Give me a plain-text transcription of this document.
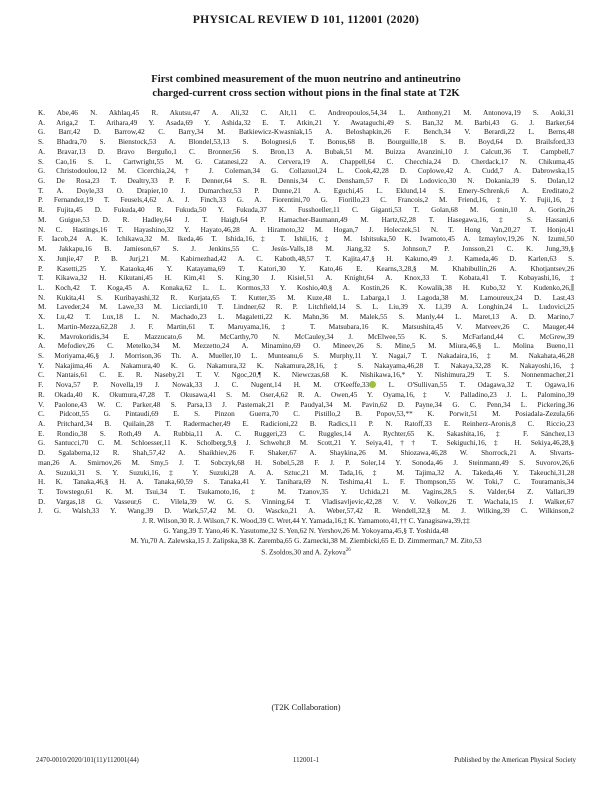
PHYSICAL REVIEW D 101, 112001 (2020)
First combined measurement of the muon neutrino and antineutrino
charged-current cross section without pions in the final state at T2K
K. Abe,46 N. Akhlaq,45 R. Akutsu,47 A. Ali,32 C. Alt,11 C. Andreopoulos,54,34 L. Anthony,21 M. Antonova,19 S. Aoki,31
A. Ariga,2 T. Arihara,49 Y. Asada,69 Y. Ashida,32 E. T. Atkin,21 Y. Awataguchi,49 S. Ban,32 M. Barbi,43 G. J. Barker,64
G. Barr,42 D. Barrow,42 C. Barry,34 M. Batkiewicz-Kwasniak,15 A. Beloshapkin,26 F. Bench,34 V. Berardi,22 L. Berns,48
S. Bhadra,70 S. Bienstock,53 A. Blondel,53,13 S. Bolognesi,6 T. Bonus,68 B. Bourguille,18 S. B. Boyd,64 D. Brailsford,33
A. Bravar,13 D. Bravo Berguño,1 C. Bronner,56 S. Bron,13 A. Bubak,51 M. Buizza Avanzini,10 J. Calcutt,36 T. Campbell,7
S. Cao,16 S. L. Cartwright,55 M. G. Catanesi,22 A. Cervera,19 A. Chappell,64 C. Checchia,24 D. Cherdack,17 N. Chikuma,45
G. Christodoulou,12 M. Cicerchia,24,† J. Coleman,34 G. Collazuol,24 L. Cook,42,28 D. Coplowe,42 A. Cudd,7 A. Dabrowska,15
G. De Rosa,23 T. Dealtry,33 P. F. Denner,64 S. R. Dennis,34 C. Densham,57 F. Di Lodovico,30 N. Dokania,39 S. Dolan,12
T. A. Doyle,33 O. Drapier,10 J. Dumarchez,53 P. Dunne,21 A. Eguchi,45 L. Eklund,14 S. Emery-Schrenk,6 A. Ereditato,2
P. Fernandez,19 T. Feusels,4,62 A. J. Finch,33 G. A. Fiorentini,70 G. Fiorillo,23 C. Francois,2 M. Friend,16,‡ Y. Fujii,16,‡
R. Fujita,45 D. Fukuda,40 R. Fukuda,50 Y. Fukuda,37 K. Fusshoeller,11 C. Giganti,53 T. Golan,68 M. Gonin,10 A. Gorin,26
M. Guigue,53 D. R. Hadley,64 J. T. Haigh,64 P. Hamacher-Baumann,49 M. Hartz,62,28 T. Hasegawa,16,‡ S. Hassani,6
N. C. Hastings,16 T. Hayashino,32 Y. Hayato,46,28 A. Hiramoto,32 M. Hogan,7 J. Holeczek,51 N. T. Hong Van,20,27 T. Honjo,41
F. Iacob,24 A. K. Ichikawa,32 M. Ikeda,46 T. Ishida,16,‡ T. Ishii,16,‡ M. Ishitsuka,50 K. Iwamoto,45 A. Izmaylov,19,26 N. Izumi,50
M. Jakkapu,16 B. Jamieson,67 S. J. Jenkins,55 C. Jesús-Valls,18 M. Jiang,32 S. Johnson,7 P. Jonsson,21 C. K. Jung,39,§
X. Junjie,47 P. B. Jurj,21 M. Kabirnezhad,42 A. C. Kaboth,48,57 T. Kajita,47,§ H. Kakuno,49 J. Kameda,46 D. Karlen,63 S.
P. Kasetti,25 Y. Kataoka,46 Y. Katayama,69 T. Katori,30 Y. Kato,46 E. Kearns,3,28,§ M. Khabibullin,26 A. Khotjantsev,26
T. Kikawa,32 H. Kikutani,45 H. Kim,41 S. King,30 J. Kisiel,51 A. Knight,64 A. Knox,33 T. Kobata,41 T. Kobayashi,16,‡
L. Koch,42 T. Koga,45 A. Konaka,62 L. L. Kormos,33 Y. Koshio,40,§ A. Kostin,26 K. Kowalik,38 H. Kubo,32 Y. Kudenko,26,∥
N. Kukita,41 S. Kuribayashi,32 R. Kurjata,65 T. Kutter,35 M. Kuze,48 L. Labarga,1 J. Lagoda,38 M. Lamoureux,24 D. Last,43
M. Laveder,24 M. Lawe,33 M. Licciardi,10 T. Lindner,62 R. P. Litchfield,14 S. L. Liu,39 X. Li,39 A. Longhin,24 L. Ludovici,25
X. Lu,42 T. Lux,18 L. N. Machado,23 L. Magaletti,22 K. Mahn,36 M. Malek,55 S. Manly,44 L. Maret,13 A. D. Marino,7
L. Martin-Mezza,62,28 J. F. Martin,61 T. Maruyama,16,‡ T. Matsubara,16 K. Matsushita,45 V. Matveev,26 C. Mauger,44
K. Mavrokoridis,34 E. Mazzucato,6 M. McCarthy,70 N. McCauley,34 J. McElwee,55 K. S. McFarland,44 C. McGrew,39
A. Mefodiev,26 C. Metelko,34 M. Mezzetto,24 A. Minamino,69 O. Mineev,26 S. Mine,5 M. Miura,46,§ L. Molina Bueno,11
S. Moriyama,46,§ J. Morrison,36 Th. A. Mueller,10 L. Munteanu,6 S. Murphy,11 Y. Nagai,7 T. Nakadaira,16,‡ M. Nakahata,46,28
Y. Nakajima,46 A. Nakamura,40 K. G. Nakamura,32 K. Nakamura,28,16,‡ S. Nakayama,46,28 T. Nakaya,32,28 K. Nakayoshi,16,‡
C. Nantais,61 C. E. R. Naseby,21 T. V. Ngoc,20,¶ K. Niewczas,68 K. Nishikawa,16,* Y. Nishimura,29 T. S. Nonnenmacher,21
F. Nova,57 P. Novella,19 J. Nowak,33 J. C. Nugent,14 H. M. O'Keeffe,33	L. O'Sullivan,55 T. Odagawa,32 T. Ogawa,16
R. Okada,40 K. Okumura,47,28 T. Okusawa,41 S. M. Oser,4,62 R. A. Owen,45 Y. Oyama,16,‡ V. Palladino,23 J. L. Palomino,39
V. Paolone,43 W. C. Parker,48 S. Parsa,13 J. Pasternak,21 P. Paudyal,34 M. Pavin,62 D. Payne,34 G. C. Penn,34 L. Pickering,36
C. Pidcott,55 G. Pintaudi,69 E. S. Pinzon Guerra,70 C. Pistillo,2 B. Popov,53,** K. Porwit,51 M. Posiadala-Zezula,66
A. Pritchard,34 B. Quilain,28 T. Radermacher,49 E. Radicioni,22 B. Radics,11 P. N. Ratoff,33 E. Reinherz-Aronis,8 C. Riccio,23
E. Rondio,38 S. Roth,49 A. Rubbia,11 A. C. Ruggeri,23 C. Ruggles,14 A. Rychter,65 K. Sakashita,16,‡ F. Sánchez,13
G. Santucci,70 C. M. Schloesser,11 K. Scholberg,9,§ J. Schwehr,8 M. Scott,21 Y. Seiya,41,†† T. Sekiguchi,16,‡ H. Sekiya,46,28,§
D. Sgalaberna,12 R. Shah,57,42 A. Shaikhiev,26 F. Shaker,67 A. Shaykina,26 M. Shiozawa,46,28 W. Shorrock,21 A. Shvarts-
man,26 A. Smirnov,26 M. Smy,5 J. T. Sobczyk,68 H. Sobel,5,28 F. J. P. Soler,14 Y. Sonoda,46 J. Steinmann,49 S. Suvorov,26,6
A. Suzuki,31 S. Y. Suzuki,16,‡ Y. Suzuki,28 A. A. Sztuc,21 M. Tada,16,‡ M. Tajima,32 A. Takeda,46 Y. Takeuchi,31,28
H. K. Tanaka,46,§ H. A. Tanaka,60,59 S. Tanaka,41 Y. Tanihara,69 N. Teshima,41 L. F. Thompson,55 W. Toki,7 C. Touramanis,34
T. Towstego,61 K. M. Tsui,34 T. Tsukamoto,16,‡ M. Tzanov,35 Y. Uchida,21 M. Vagins,28,5 S. Valder,64 Z. Vallari,39
D. Vargas,18 G. Vasseur,6 C. Vilela,39 W. G. S. Vinning,64 T. Vladisavljevic,42,28 V. V. Volkov,26 T. Wachala,15 J. Walker,67
J. G. Walsh,33 Y. Wang,39 D. Wark,57,42 M. O. Wascko,21 A. Weber,57,42 R. Wendell,32,§ M. J. Wilking,39 C. Wilkinson,2
J. R. Wilson,30 R. J. Wilson,7 K. Wood,39 C. Wret,44 Y. Yamada,16,‡ K. Yamamoto,41,†† C. Yanagisawa,39,‡‡
G. Yang,39 T. Yano,46 K. Yasutome,32 S. Yen,62 N. Yershov,26 M. Yokoyama,45,§ T. Yoshida,48
M. Yu,70 A. Zalewska,15 J. Zalipska,38 K. Zaremba,65 G. Zarnecki,38 M. Ziembicki,65 E. D. Zimmerman,7 M. Zito,53
S. Zsoldos,30 and A. Zykova$^{26}$
(T2K Collaboration)
2470-0010/2020/101(11)/112001(44)	112001-1	Published by the American Physical Society
